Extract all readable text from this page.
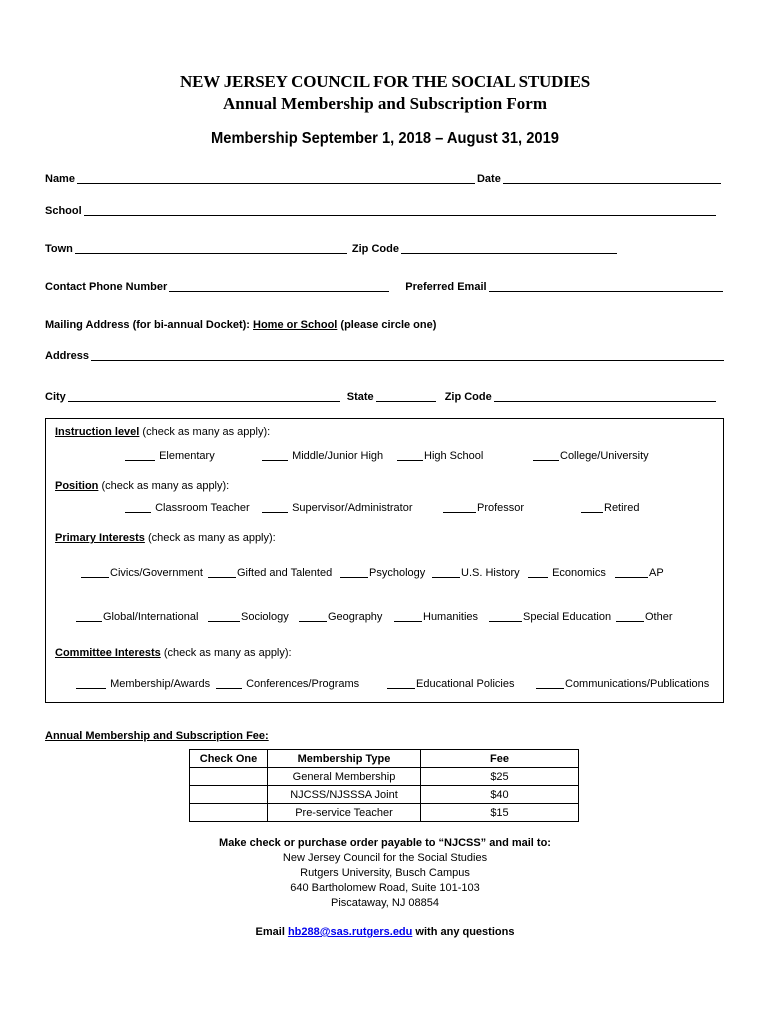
NEW JERSEY COUNCIL FOR THE SOCIAL STUDIES
Annual Membership and Subscription Form
Membership September 1, 2018 – August 31, 2019
Name	Date
School
Town	Zip Code
Contact Phone Number	Preferred Email
Mailing Address (for bi-annual Docket): Home or School (please circle one)
Address
City	State	Zip Code
Instruction level (check as many as apply):
Elementary	Middle/Junior High	High School	College/University
Position (check as many as apply):
Classroom Teacher	Supervisor/Administrator	Professor	Retired
Primary Interests (check as many as apply):
Civics/Government	Gifted and Talented	Psychology	U.S. History	Economics	AP
Global/International	Sociology	Geography	Humanities	Special Education	Other
Committee Interests (check as many as apply):
Membership/Awards	Conferences/Programs	Educational Policies	Communications/Publications
Annual Membership and Subscription Fee:
Check One	Membership Type	Fee
	General Membership	$25
	NJCSS/NJSSSA Joint	$40
	Pre-service Teacher	$15
Make check or purchase order payable to “NJCSS” and mail to:
New Jersey Council for the Social Studies
Rutgers University, Busch Campus
640 Bartholomew Road, Suite 101-103
Piscataway, NJ 08854
Email hb288@sas.rutgers.edu with any questions
